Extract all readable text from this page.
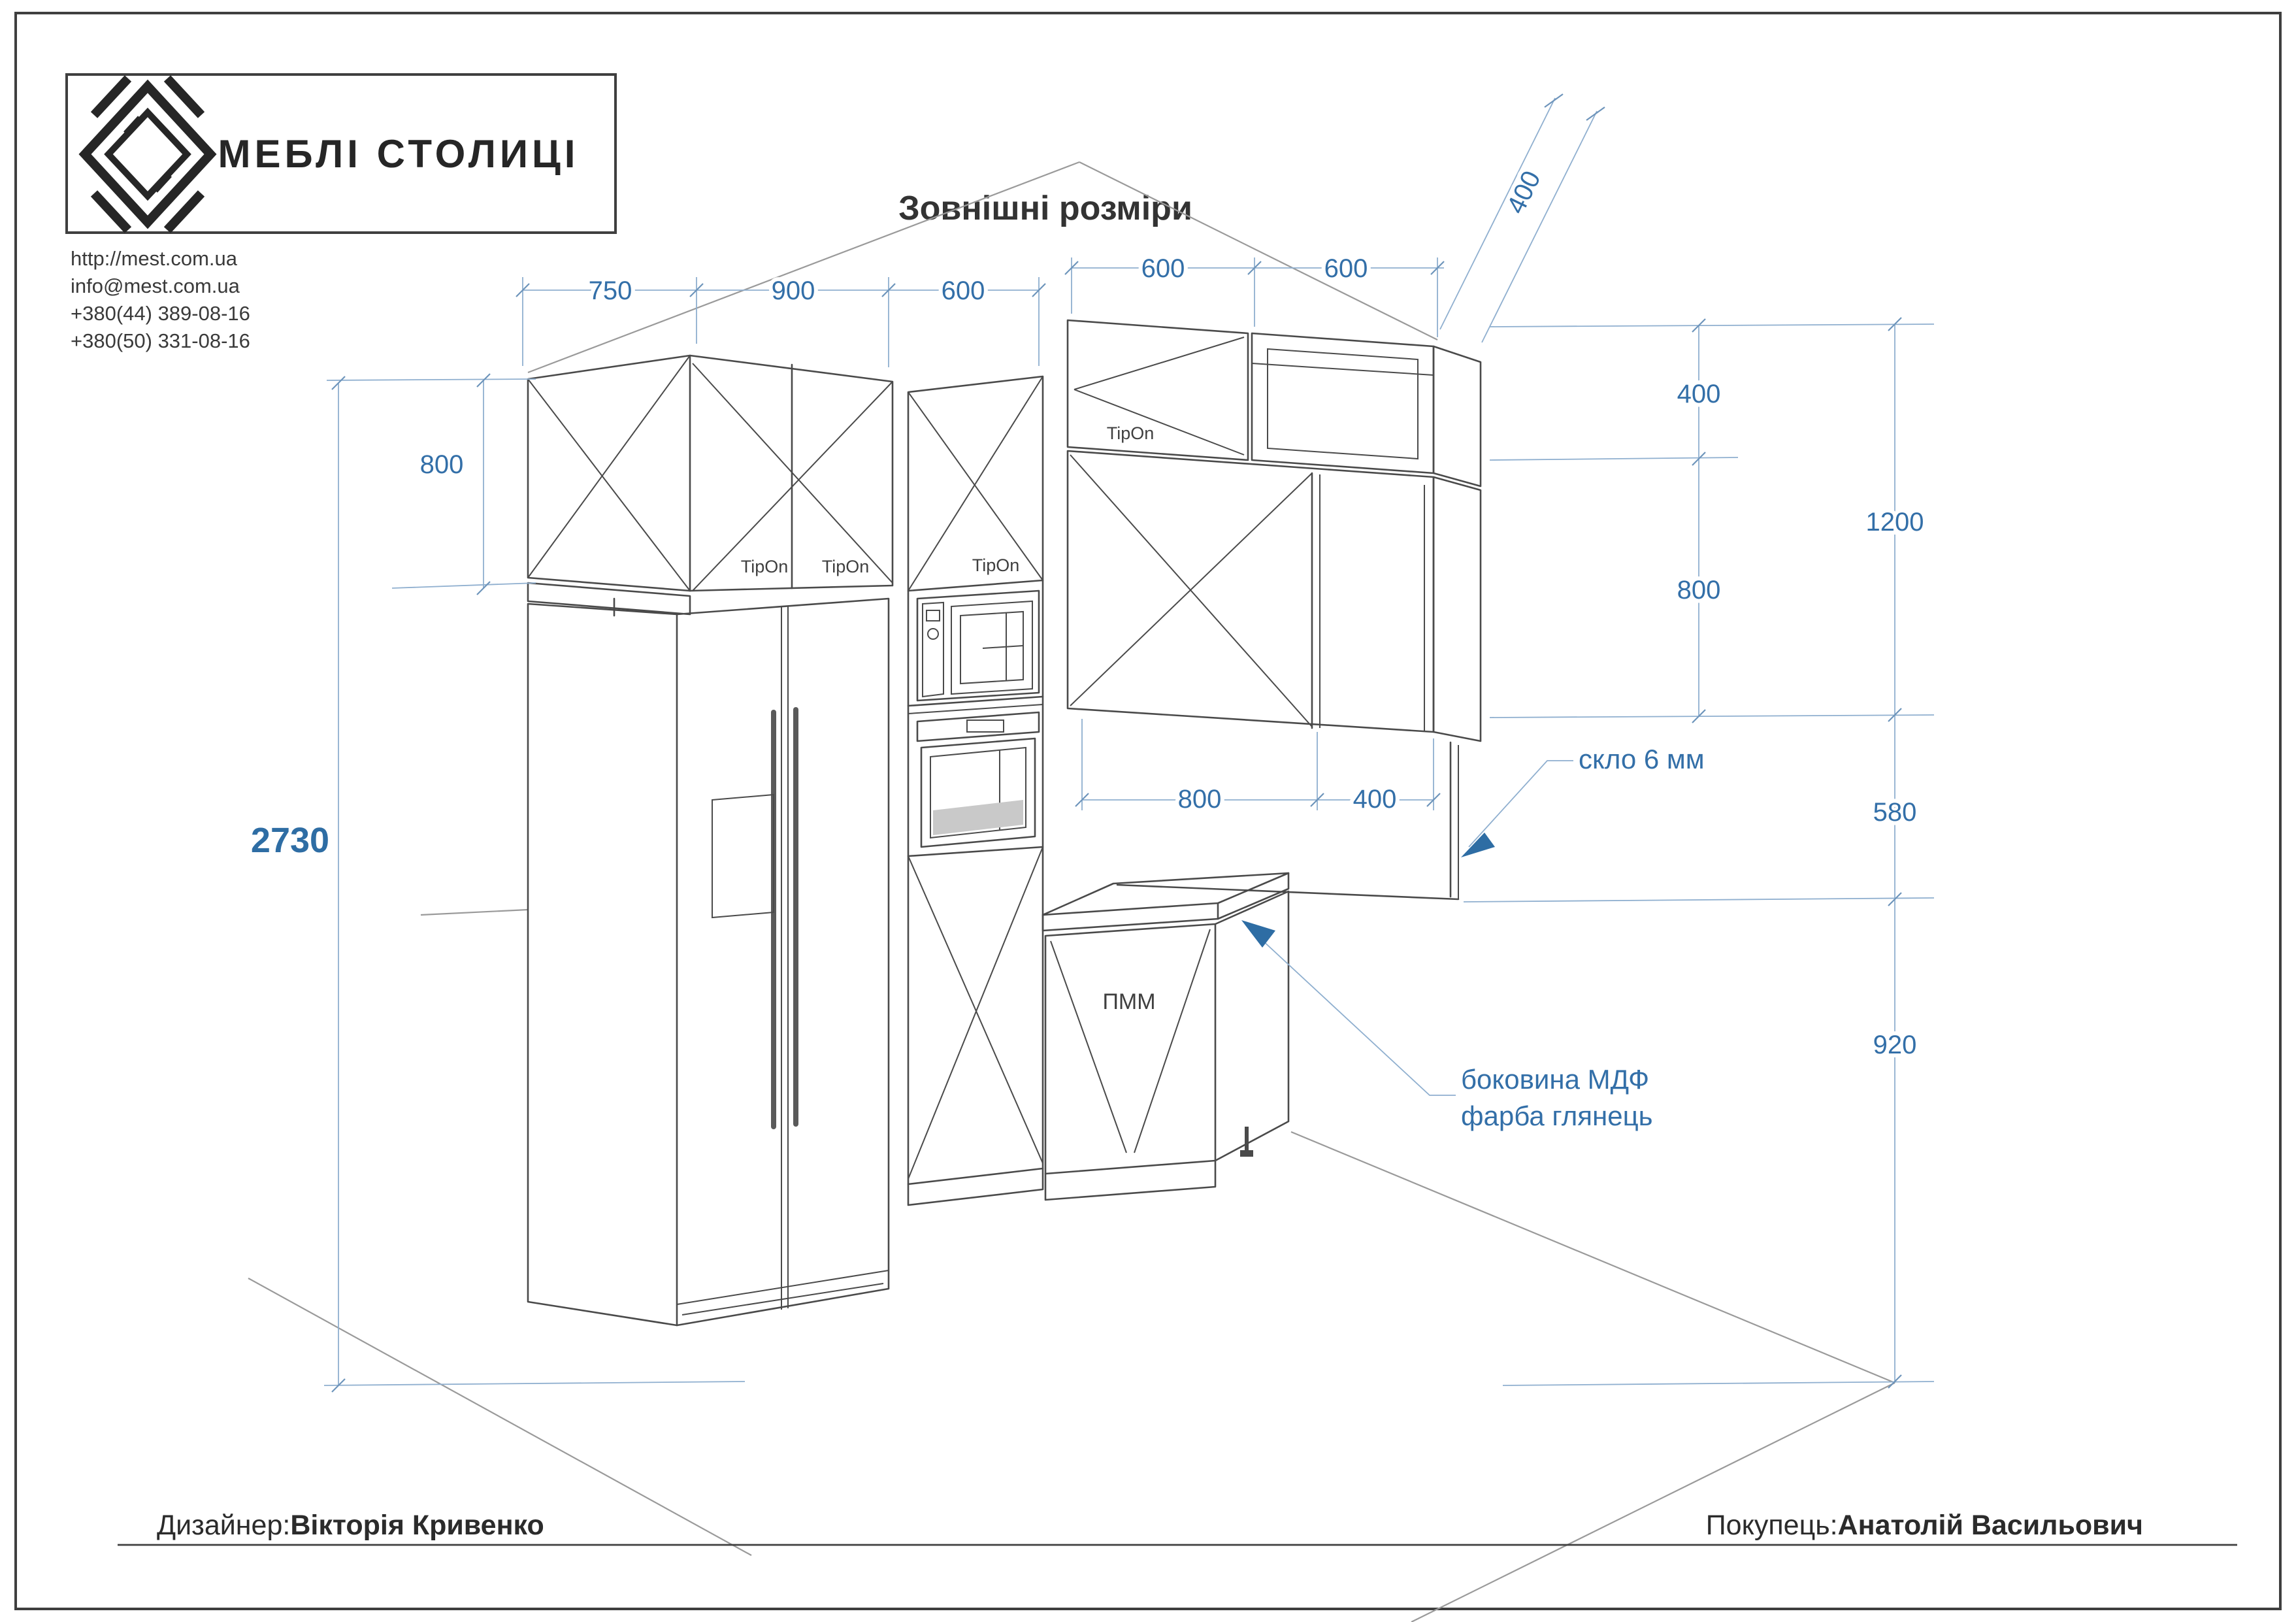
МЕБЛІ СТОЛИЦІ
http://mest.com.ua
info@mest.com.ua
+380(44) 389-08-16
+380(50) 331-08-16
Зовнішні розміри
750	900	600
600	600
400
800
2730
800	400
400
800
1200
580
920
TipOn	TipOn	TipOn
TipOn
ПММ
скло 6 мм
боковина МДФ
фарба глянець
Дизайнер:Вікторія Кривенко	Покупець:Анатолій Васильович
